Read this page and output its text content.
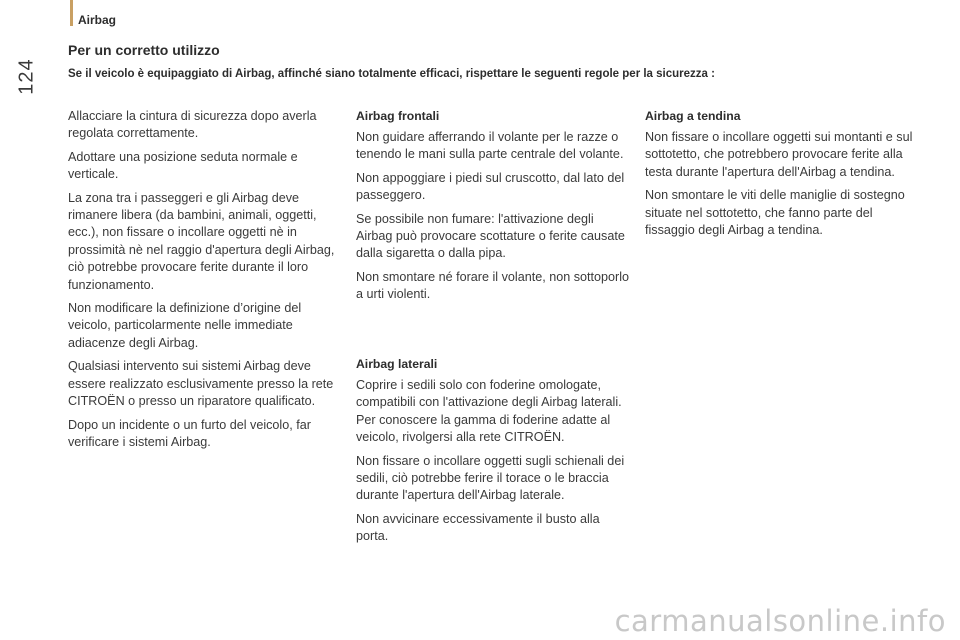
124
Airbag
Per un corretto utilizzo

Se il veicolo è equipaggiato di Airbag, affinché siano totalmente efficaci, rispettare le seguenti regole per la sicurezza :

Allacciare la cintura di sicurezza dopo averla regolata correttamente.

Adottare una posizione seduta normale e verticale.

La zona tra i passeggeri e gli Airbag deve rimanere libera (da bambini, animali, oggetti, ecc.), non fissare o incollare oggetti nè in prossimità nè nel raggio d'apertura degli Airbag, ciò potrebbe provocare ferite durante il loro funzionamento.

Non modificare la definizione d’origine del veicolo, particolarmente nelle immediate adiacenze degli Airbag.

Qualsiasi intervento sui sistemi Airbag deve essere realizzato esclusivamente presso la rete CITROËN o presso un riparatore qualificato.

Dopo un incidente o un furto del veicolo, far verificare i sistemi Airbag.

Airbag frontali

Non guidare afferrando il volante per le razze o tenendo le mani sulla parte centrale del volante.

Non appoggiare i piedi sul cruscotto, dal lato del passeggero.

Se possibile non fumare: l'attivazione degli Airbag può provocare scottature o ferite causate dalla sigaretta o dalla pipa.

Non smontare né forare il volante, non sottoporlo a urti violenti.

Airbag laterali

Coprire i sedili solo con foderine omologate, compatibili con l'attivazione degli Airbag laterali. Per conoscere la gamma di foderine adatte al veicolo, rivolgersi alla rete CITROËN.

Non fissare o incollare oggetti sugli schienali dei sedili, ciò potrebbe ferire il torace o le braccia durante l'apertura dell'Airbag laterale.

Non avvicinare eccessivamente il busto alla porta.

Airbag a tendina

Non fissare o incollare oggetti sui montanti e sul sottotetto, che potrebbero provocare ferite alla testa durante l'apertura dell'Airbag a tendina.

Non smontare le viti delle maniglie di sostegno situate nel sottotetto, che fanno parte del fissaggio degli Airbag a tendina.

carmanualsonline.info
